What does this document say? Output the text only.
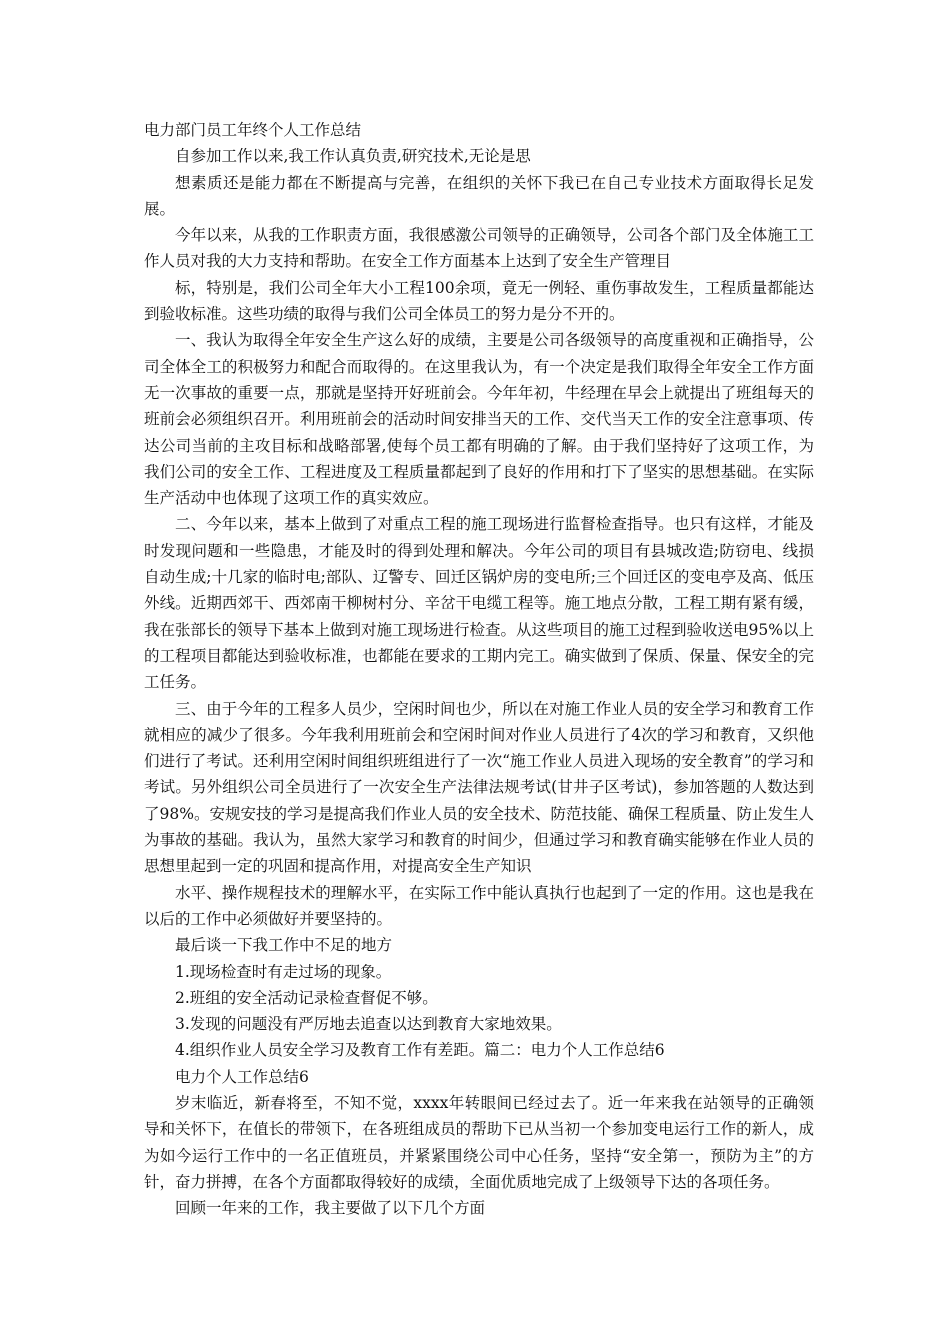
电力部门员工年终个人工作总结

自参加工作以来,我工作认真负责,研究技术,无论是思

想素质还是能力都在不断提高与完善，在组织的关怀下我已在自己专业技术方面取得长足发展。

今年以来，从我的工作职责方面，我很感激公司领导的正确领导，公司各个部门及全体施工工作人员对我的大力支持和帮助。在安全工作方面基本上达到了安全生产管理目

标，特别是，我们公司全年大小工程100余项，竟无一例轻、重伤事故发生，工程质量都能达到验收标准。这些功绩的取得与我们公司全体员工的努力是分不开的。

一、我认为取得全年安全生产这么好的成绩，主要是公司各级领导的高度重视和正确指导，公司全体全工的积极努力和配合而取得的。在这里我认为，有一个决定是我们取得全年安全工作方面无一次事故的重要一点，那就是坚持开好班前会。今年年初，牛经理在早会上就提出了班组每天的班前会必须组织召开。利用班前会的活动时间安排当天的工作、交代当天工作的安全注意事项、传达公司当前的主攻目标和战略部署,使每个员工都有明确的了解。由于我们坚持好了这项工作，为我们公司的安全工作、工程进度及工程质量都起到了良好的作用和打下了坚实的思想基础。在实际生产活动中也体现了这项工作的真实效应。

二、今年以来，基本上做到了对重点工程的施工现场进行监督检查指导。也只有这样，才能及时发现问题和一些隐患，才能及时的得到处理和解决。今年公司的项目有县城改造;防窃电、线损自动生成;十几家的临时电;部队、辽警专、回迁区锅炉房的变电所;三个回迁区的变电亭及高、低压外线。近期西郊干、西郊南干柳树村分、辛岔干电缆工程等。施工地点分散，工程工期有紧有缓，我在张部长的领导下基本上做到对施工现场进行检查。从这些项目的施工过程到验收送电95%以上的工程项目都能达到验收标准，也都能在要求的工期内完工。确实做到了保质、保量、保安全的完工任务。

三、由于今年的工程多人员少，空闲时间也少，所以在对施工作业人员的安全学习和教育工作就相应的减少了很多。今年我利用班前会和空闲时间对作业人员进行了4次的学习和教育，又织他们进行了考试。还利用空闲时间组织班组进行了一次“施工作业人员进入现场的安全教育”的学习和考试。另外组织公司全员进行了一次安全生产法律法规考试(甘井子区考试)，参加答题的人数达到了98%。安规安技的学习是提高我们作业人员的安全技术、防范技能、确保工程质量、防止发生人为事故的基础。我认为，虽然大家学习和教育的时间少，但通过学习和教育确实能够在作业人员的思想里起到一定的巩固和提高作用，对提高安全生产知识

水平、操作规程技术的理解水平，在实际工作中能认真执行也起到了一定的作用。这也是我在以后的工作中必须做好并要坚持的。

最后谈一下我工作中不足的地方

1.现场检查时有走过场的现象。

2.班组的安全活动记录检查督促不够。

3.发现的问题没有严厉地去追查以达到教育大家地效果。

4.组织作业人员安全学习及教育工作有差距。篇二：电力个人工作总结6

电力个人工作总结6

岁末临近，新春将至，不知不觉，xxxx年转眼间已经过去了。近一年来我在站领导的正确领导和关怀下，在值长的带领下，在各班组成员的帮助下已从当初一个参加变电运行工作的新人，成为如今运行工作中的一名正值班员，并紧紧围绕公司中心任务，坚持“安全第一，预防为主”的方针，奋力拼搏，在各个方面都取得较好的成绩，全面优质地完成了上级领导下达的各项任务。

回顾一年来的工作，我主要做了以下几个方面
